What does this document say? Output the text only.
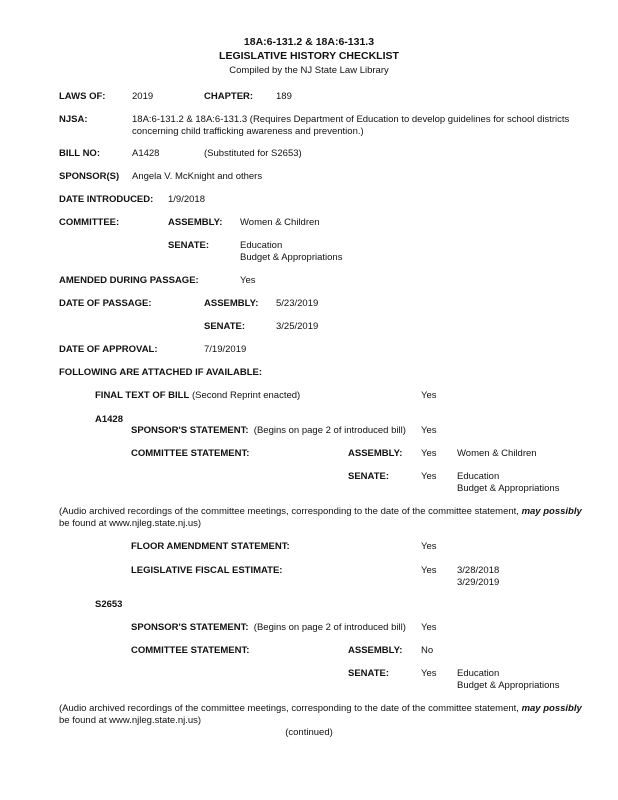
18A:6-131.2 & 18A:6-131.3
LEGISLATIVE HISTORY CHECKLIST
Compiled by the NJ State Law Library
LAWS OF:	2019	CHAPTER: 189
NJSA:	18A:6-131.2 & 18A:6-131.3 (Requires Department of Education to develop guidelines for school districts
concerning child trafficking awareness and prevention.)
BILL NO:	A1428	(Substituted for S2653)
SPONSOR(S) Angela V. McKnight and others
DATE INTRODUCED: 1/9/2018
COMMITTEE:	ASSEMBLY: Women & Children
SENATE:	Education
Budget & Appropriations
AMENDED DURING PASSAGE:	Yes
DATE OF PASSAGE:	ASSEMBLY: 5/23/2019
SENATE:	3/25/2019
DATE OF APPROVAL:	7/19/2019
FOLLOWING ARE ATTACHED IF AVAILABLE:
FINAL TEXT OF BILL (Second Reprint enacted)	Yes
A1428
SPONSOR'S STATEMENT: (Begins on page 2 of introduced bill) Yes
COMMITTEE STATEMENT:	ASSEMBLY: Yes Women & Children
SENATE:	Yes Education
Budget & Appropriations
(Audio archived recordings of the committee meetings, corresponding to the date of the committee statement, may possibly
be found at www.njleg.state.nj.us)
FLOOR AMENDMENT STATEMENT:	Yes
LEGISLATIVE FISCAL ESTIMATE:	Yes 3/28/2018
3/29/2019
S2653
SPONSOR'S STATEMENT: (Begins on page 2 of introduced bill) Yes
COMMITTEE STATEMENT:	ASSEMBLY: No
SENATE:	Yes Education
Budget & Appropriations
(Audio archived recordings of the committee meetings, corresponding to the date of the committee statement, may possibly
be found at www.njleg.state.nj.us)
(continued)
